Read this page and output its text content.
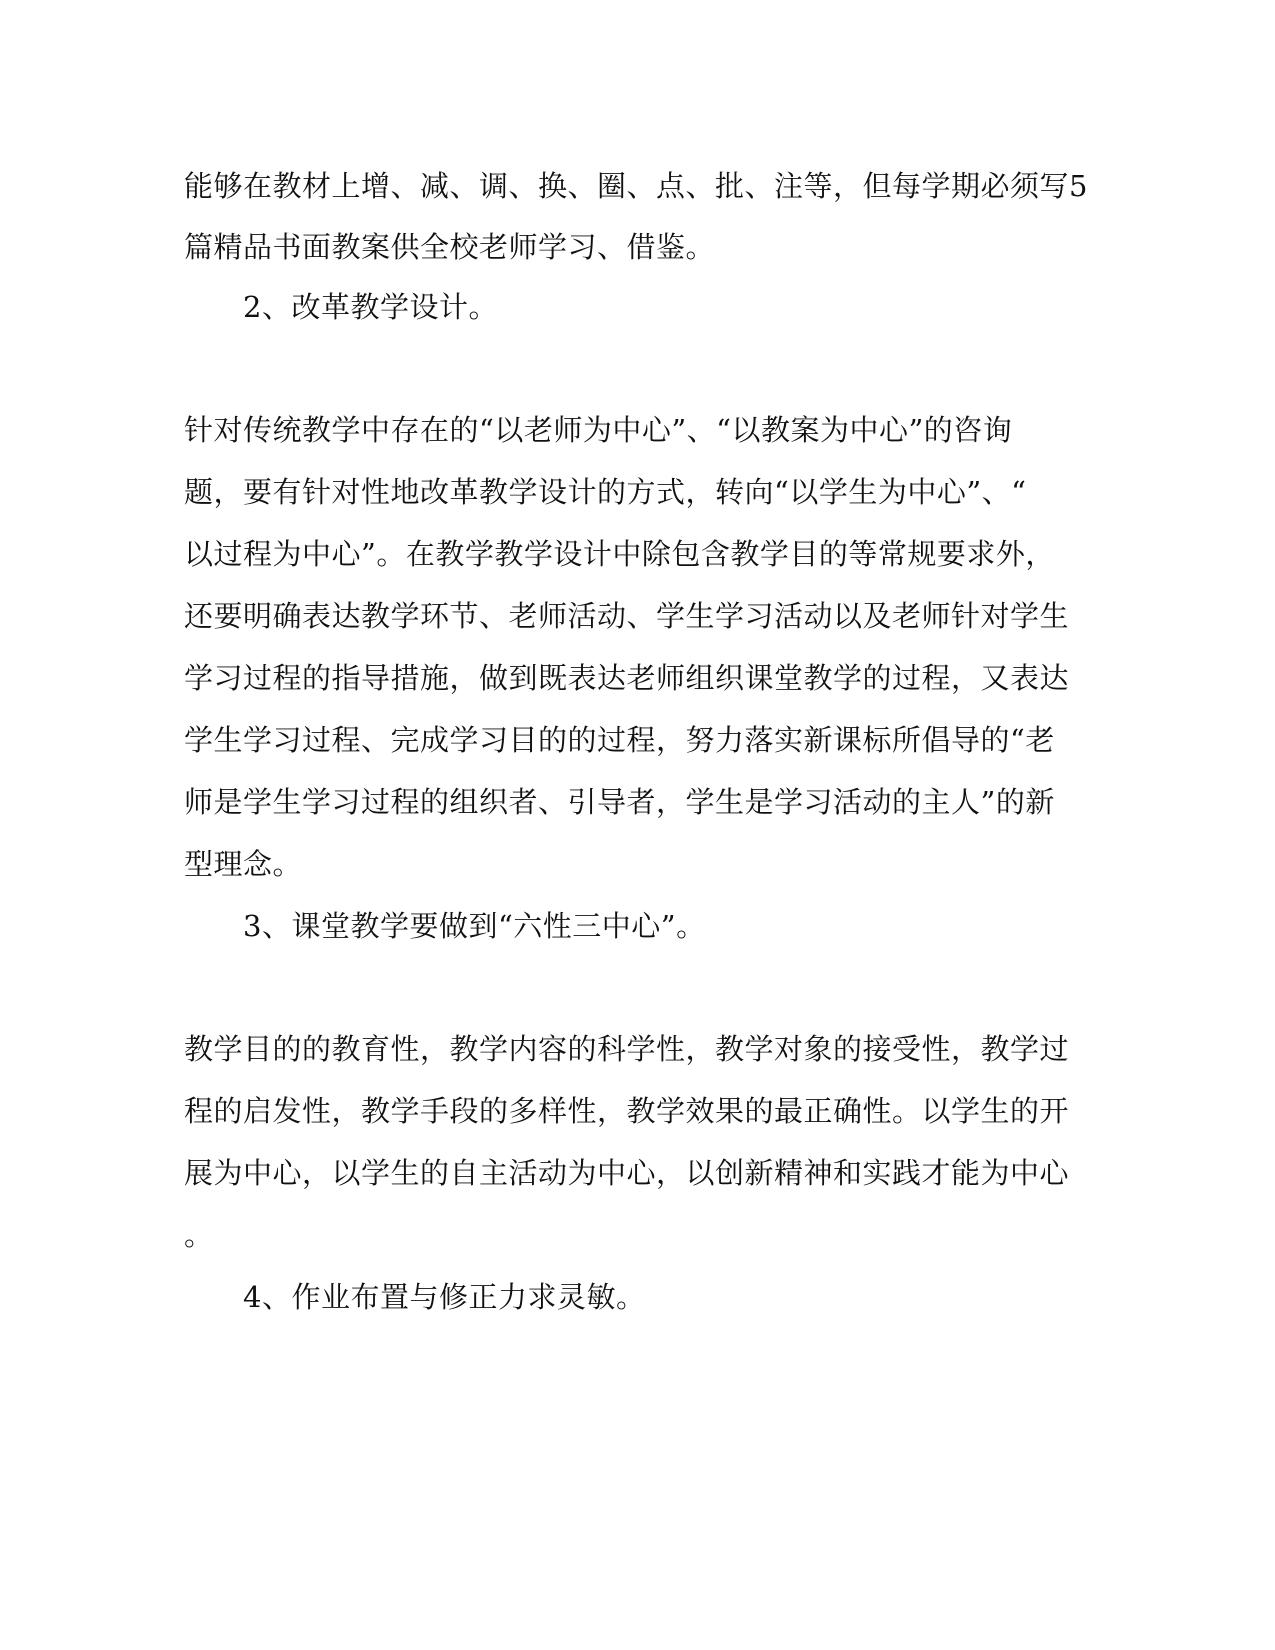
能够在教材上增、减、调、换、圈、点、批、注等，但每学期必须写5

篇精品书面教案供全校老师学习、借鉴。

2、改革教学设计。

针对传统教学中存在的“以老师为中心”、“以教案为中心”的咨询

题，要有针对性地改革教学设计的方式，转向“以学生为中心”、“

以过程为中心”。在教学教学设计中除包含教学目的等常规要求外，

还要明确表达教学环节、老师活动、学生学习活动以及老师针对学生

学习过程的指导措施，做到既表达老师组织课堂教学的过程，又表达

学生学习过程、完成学习目的的过程，努力落实新课标所倡导的“老

师是学生学习过程的组织者、引导者，学生是学习活动的主人”的新

型理念。

3、课堂教学要做到“六性三中心”。

教学目的的教育性，教学内容的科学性，教学对象的接受性，教学过

程的启发性，教学手段的多样性，教学效果的最正确性。以学生的开

展为中心，以学生的自主活动为中心，以创新精神和实践才能为中心

。

4、作业布置与修正力求灵敏。
